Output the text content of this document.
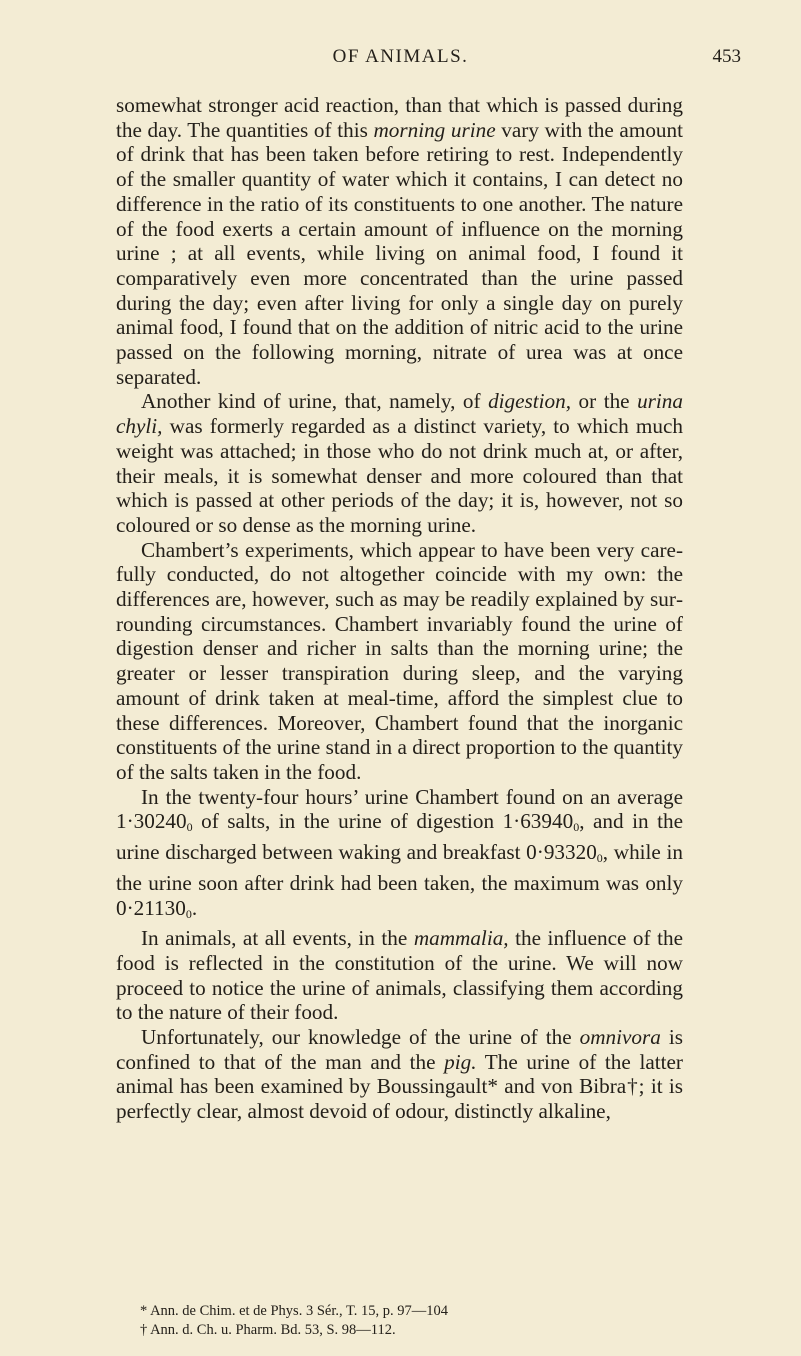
OF ANIMALS.	453

somewhat stronger acid reaction, than that which is passed during the day. The quantities of this morning urine vary with the amount of drink that has been taken before retiring to rest. Independently of the smaller quantity of water which it contains, I can detect no difference in the ratio of its constituents to one another. The nature of the food exerts a certain amount of influence on the morning urine ; at all events, while living on animal food, I found it comparatively even more concentrated than the urine passed during the day; even after living for only a single day on purely animal food, I found that on the addition of nitric acid to the urine passed on the following morning, nitrate of urea was at once separated.

Another kind of urine, that, namely, of digestion, or the urina chyli, was formerly regarded as a distinct variety, to which much weight was attached; in those who do not drink much at, or after, their meals, it is somewhat denser and more coloured than that which is passed at other periods of the day; it is, however, not so coloured or so dense as the morning urine.

Chambert’s experiments, which appear to have been very carefully conducted, do not altogether coincide with my own: the differences are, however, such as may be readily explained by surrounding circumstances. Chambert invariably found the urine of digestion denser and richer in salts than the morning urine; the greater or lesser transpiration during sleep, and the varying amount of drink taken at meal-time, afford the simplest clue to these differences. Moreover, Chambert found that the inorganic constituents of the urine stand in a direct proportion to the quantity of the salts taken in the food.

In the twenty-four hours’ urine Chambert found on an average $1\cdot 30240_0$ of salts, in the urine of digestion $1\cdot 63940_0$, and in the urine discharged between waking and breakfast $0\cdot 93320_0$, while in the urine soon after drink had been taken, the maximum was only $0\cdot 21130_0$.

In animals, at all events, in the mammalia, the influence of the food is reflected in the constitution of the urine. We will now proceed to notice the urine of animals, classifying them according to the nature of their food.

Unfortunately, our knowledge of the urine of the omnivora is confined to that of the man and the pig. The urine of the latter animal has been examined by Boussingault* and von Bibra†; it is perfectly clear, almost devoid of odour, distinctly alkaline,

* Ann. de Chim. et de Phys. 3 Sér., T. 15, p. 97—104
† Ann. d. Ch. u. Pharm. Bd. 53, S. 98—112.
